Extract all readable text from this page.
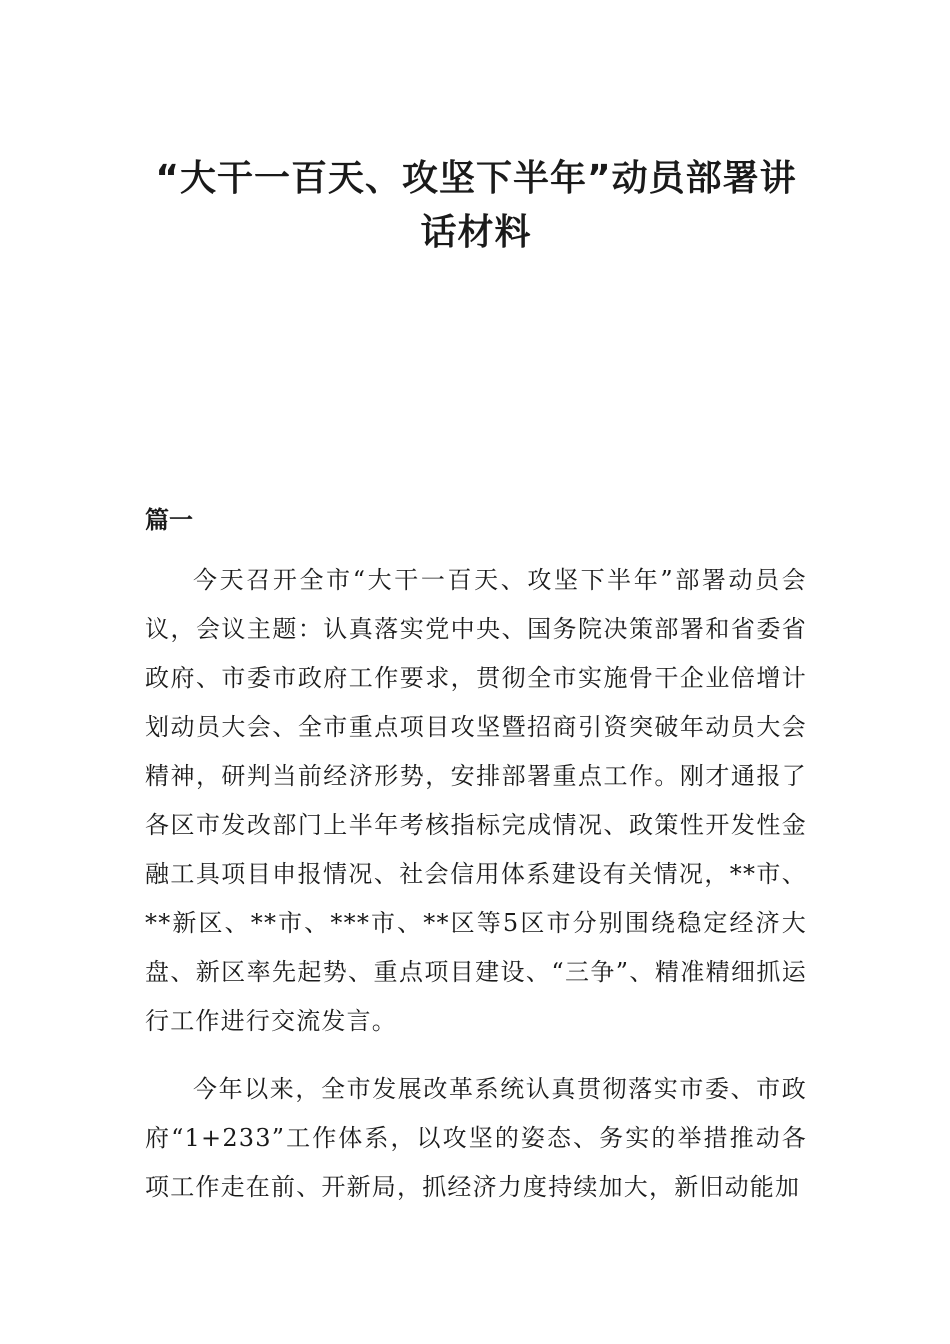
“大干一百天、攻坚下半年”动员部署讲话材料
篇一

今天召开全市“大干一百天、攻坚下半年”部署动员会议，会议主题：认真落实党中央、国务院决策部署和省委省政府、市委市政府工作要求，贯彻全市实施骨干企业倍增计划动员大会、全市重点项目攻坚暨招商引资突破年动员大会精神，研判当前经济形势，安排部署重点工作。刚才通报了各区市发改部门上半年考核指标完成情况、政策性开发性金融工具项目申报情况、社会信用体系建设有关情况，**市、**新区、**市、***市、**区等5区市分别围绕稳定经济大盘、新区率先起势、重点项目建设、“三争”、精准精细抓运行工作进行交流发言。

今年以来，全市发展改革系统认真贯彻落实市委、市政府“1+233”工作体系，以攻坚的姿态、务实的举措推动各项工作走在前、开新局，抓经济力度持续加大，新旧动能加
